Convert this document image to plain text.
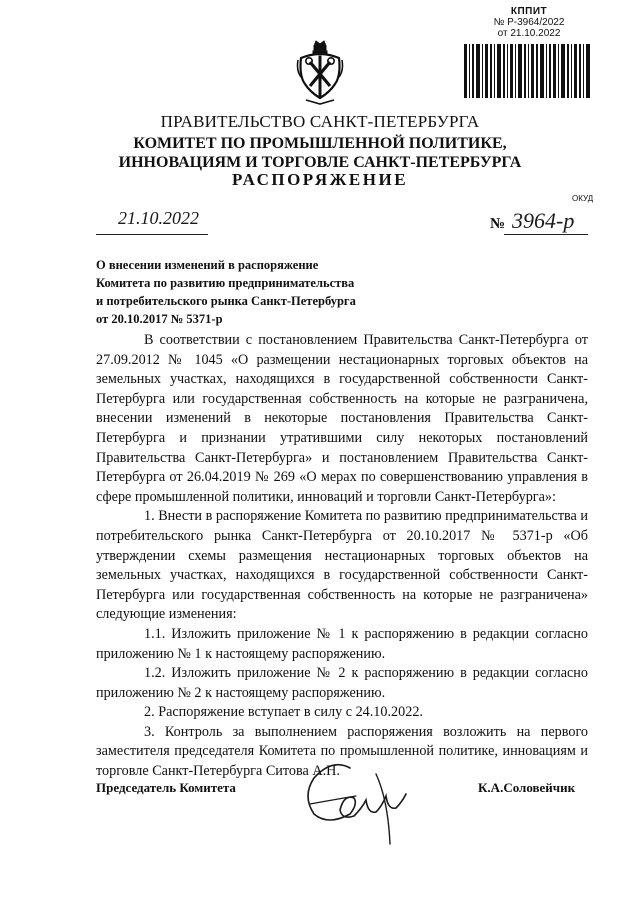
КППИТ
№ Р-3964/2022
от 21.10.2022
ПРАВИТЕЛЬСТВО САНКТ-ПЕТЕРБУРГА
КОМИТЕТ ПО ПРОМЫШЛЕННОЙ ПОЛИТИКЕ,
ИННОВАЦИЯМ И ТОРГОВЛЕ САНКТ-ПЕТЕРБУРГА
РАСПОРЯЖЕНИЕ
21.10.2022
ОКУД
№ 3964-р
О внесении изменений в распоряжение
Комитета по развитию предпринимательства
и потребительского рынка Санкт-Петербурга
от 20.10.2017 № 5371-р

В соответствии с постановлением Правительства Санкт-Петербурга от 27.09.2012 № 1045 «О размещении нестационарных торговых объектов на земельных участках, находящихся в государственной собственности Санкт-Петербурга или государственная собственность на которые не разграничена, внесении изменений в некоторые постановления Правительства Санкт-Петербурга и признании утратившими силу некоторых постановлений Правительства Санкт-Петербурга» и постановлением Правительства Санкт-Петербурга от 26.04.2019 № 269 «О мерах по совершенствованию управления в сфере промышленной политики, инноваций и торговли Санкт-Петербурга»:

1. Внести в распоряжение Комитета по развитию предпринимательства и потребительского рынка Санкт-Петербурга от 20.10.2017 № 5371-р «Об утверждении схемы размещения нестационарных торговых объектов на земельных участках, находящихся в государственной собственности Санкт-Петербурга или государственная собственность на которые не разграничена» следующие изменения:

1.1. Изложить приложение № 1 к распоряжению в редакции согласно приложению № 1 к настоящему распоряжению.

1.2. Изложить приложение № 2 к распоряжению в редакции согласно приложению № 2 к настоящему распоряжению.

2. Распоряжение вступает в силу с 24.10.2022.

3. Контроль за выполнением распоряжения возложить на первого заместителя председателя Комитета по промышленной политике, инновациям и торговле Санкт-Петербурга Ситова А.Н.

Председатель Комитета	К.А.Соловейчик
